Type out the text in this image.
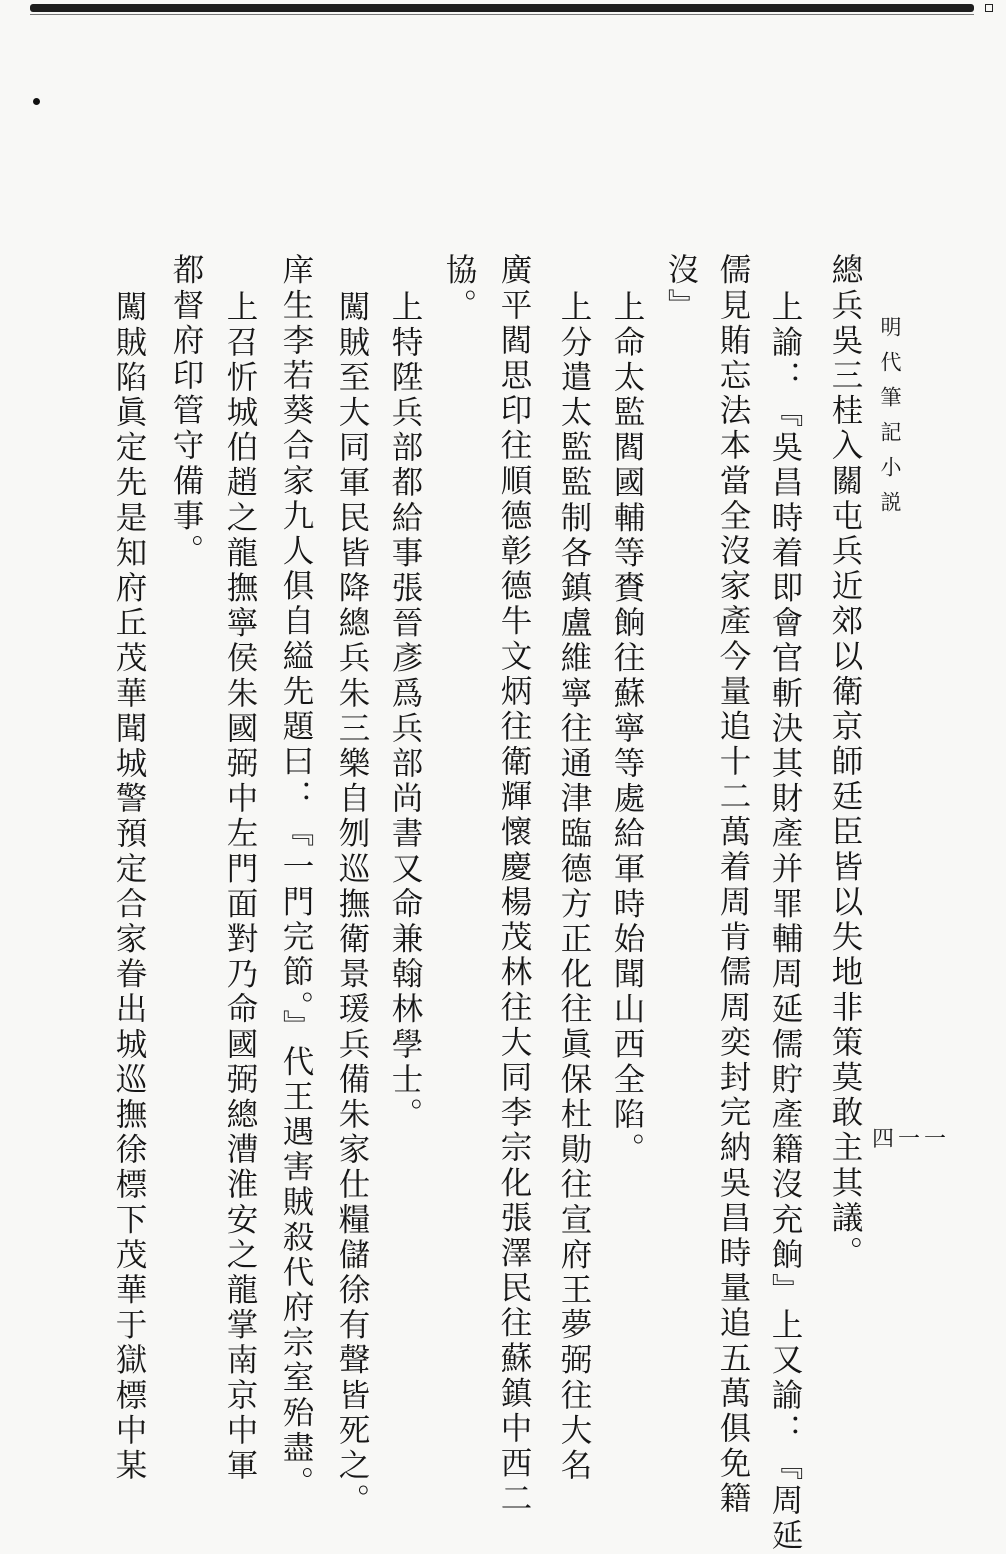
明代筆記小説
四一一
總兵吳三桂入關屯兵近郊以衛京師廷臣皆以失地非策莫敢主其議。
上諭：『吳昌時着即會官斬決其財產并罪輔周延儒貯產籍沒充餉』上又諭：『周延
儒見賄忘法本當全沒家產今量追十二萬着周肯儒周奕封完納吳昌時量追五萬俱免籍
沒』
上命太監閻國輔等賚餉往蘇寧等處給軍時始聞山西全陷。
上分遣太監監制各鎮盧維寧往通津臨德方正化往眞保杜勛往宣府王夢弼往大名
廣平閻思印往順德彰德牛文炳往衛輝懷慶楊茂林往大同李宗化張澤民往蘇鎮中西二
協。
上特陞兵部都給事張晉彥爲兵部尚書又命兼翰林學士。
闖賊至大同軍民皆降總兵朱三樂自刎巡撫衛景瑗兵備朱家仕糧儲徐有聲皆死之。
庠生李若葵合家九人俱自縊先題曰：『一門完節。』代王遇害賊殺代府宗室殆盡。
上召忻城伯趙之龍撫寧侯朱國弼中左門面對乃命國弼總漕淮安之龍掌南京中軍
都督府印管守備事。
闖賊陷眞定先是知府丘茂華聞城警預定合家眷出城巡撫徐標下茂華于獄標中某
